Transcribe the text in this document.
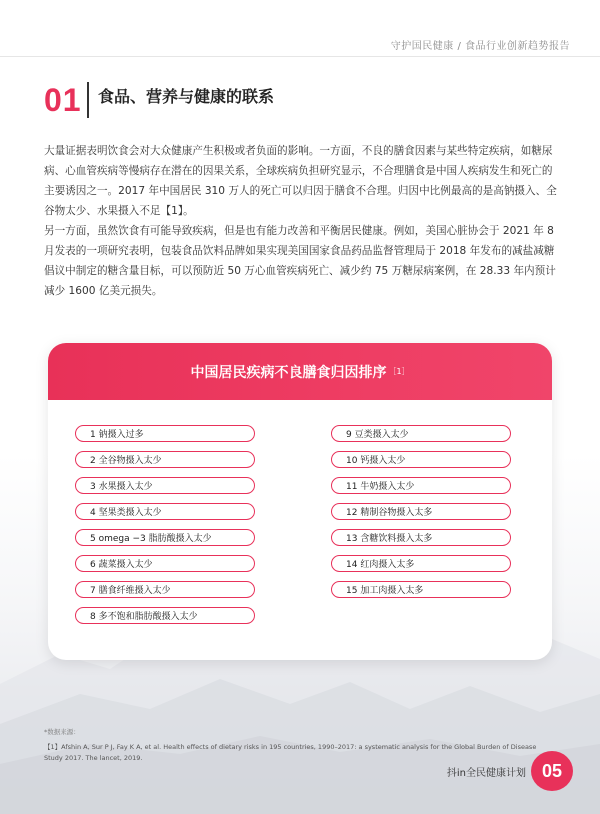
守护国民健康 / 食品行业创新趋势报告
01 食品、营养与健康的联系
大量证据表明饮食会对大众健康产生积极或者负面的影响。一方面，不良的膳食因素与某些特定疾病，如糖尿病、心血管疾病等慢病存在潜在的因果关系，全球疾病负担研究显示，不合理膳食是中国人疾病发生和死亡的主要诱因之一。2017 年中国居民 310 万人的死亡可以归因于膳食不合理。归因中比例最高的是高钠摄入、全谷物太少、水果摄入不足【1】。
另一方面，虽然饮食有可能导致疾病，但是也有能力改善和平衡居民健康。例如，美国心脏协会于 2021 年 8 月发表的一项研究表明，包装食品饮料品牌如果实现美国国家食品药品监督管理局于 2018 年发布的减盐减糖倡议中制定的糖含量目标，可以预防近 50 万心血管疾病死亡、减少约 75 万糖尿病案例，在 28.33 年内预计减少 1600 亿美元损失。
中国居民疾病不良膳食归因排序 ［1］
1 钠摄入过多
2 全谷物摄入太少
3 水果摄入太少
4 坚果类摄入太少
5 omega −3 脂肪酸摄入太少
6 蔬菜摄入太少
7 膳食纤维摄入太少
8 多不饱和脂肪酸摄入太少
9 豆类摄入太少
10 钙摄入太少
11 牛奶摄入太少
12 精制谷物摄入太多
13 含糖饮料摄入太多
14 红肉摄入太多
15 加工肉摄入太多
*数据来源：
【1】Afshin A, Sur P J, Fay K A, et al. Health effects of dietary risks in 195 countries, 1990–2017: a systematic analysis for the Global Burden of Disease Study 2017. The lancet, 2019.
抖in全民健康计划 05
